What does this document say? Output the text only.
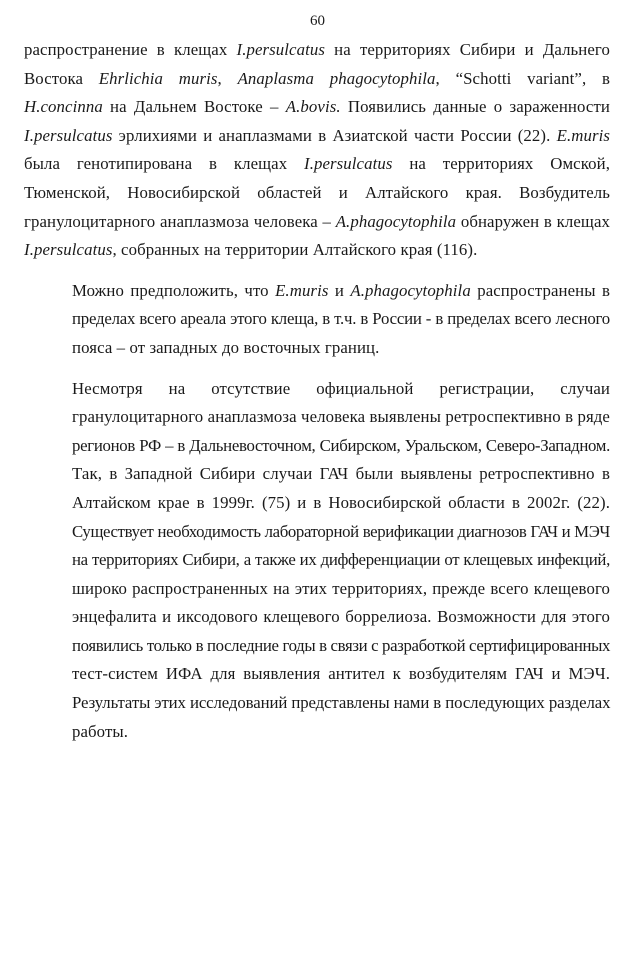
60

распространение в клещах I.persulcatus на территориях Сибири и Дальнего
Востока Ehrlichia muris, Anaplasma phagocytophila, “Schotti variant”, в
H.concinna на Дальнем Востоке – A.bovis. Появились данные о зараженности
I.persulcatus эрлихиями и анаплазмами в Азиатской части России (22). E.muris
была генотипирована в клещах I.persulcatus на территориях Омской,
Тюменской, Новосибирской областей и Алтайского края. Возбудитель
гранулоцитарного анаплазмоза человека – A.phagocytophila обнаружен в клещах
I.persulcatus, собранных на территории Алтайского края (116).

Можно предположить, что E.muris и A.phagocytophila распространены в
пределах всего ареала этого клеща, в т.ч. в России - в пределах всего лесного
пояса – от западных до восточных границ.

Несмотря на отсутствие официальной регистрации, случаи
гранулоцитарного анаплазмоза человека выявлены ретроспективно в ряде
регионов РФ – в Дальневосточном, Сибирском, Уральском, Северо-Западном.
Так, в Западной Сибири случаи ГАЧ были выявлены ретроспективно в
Алтайском крае в 1999г. (75) и в Новосибирской области в 2002г. (22).
Существует необходимость лабораторной верификации диагнозов ГАЧ и МЭЧ
на территориях Сибири, а также их дифференциации от клещевых инфекций,
широко распространенных на этих территориях, прежде всего клещевого
энцефалита и иксодового клещевого боррелиоза. Возможности для этого
появились только в последние годы в связи с разработкой сертифицированных
тест-систем ИФА для выявления антител к возбудителям ГАЧ и МЭЧ.
Результаты этих исследований представлены нами в последующих разделах
работы.
